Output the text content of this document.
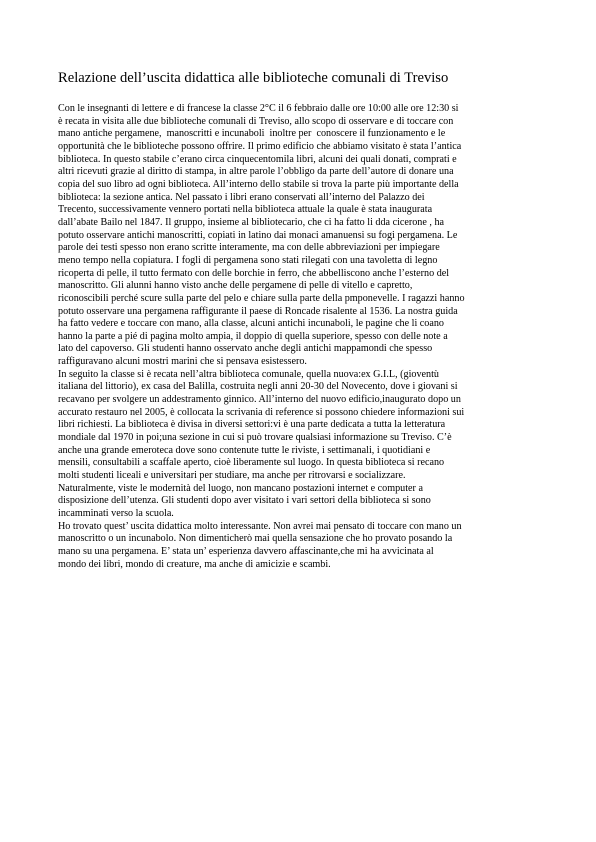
Relazione dell’uscita didattica alle biblioteche comunali di Treviso
Con le insegnanti di lettere e di francese la classe 2°C il 6 febbraio dalle ore 10:00 alle ore 12:30 si
è recata in visita alle due biblioteche comunali di Treviso, allo scopo di osservare e di toccare con
mano antiche pergamene,  manoscritti e incunaboli  inoltre per  conoscere il funzionamento e le
opportunità che le biblioteche possono offrire. Il primo edificio che abbiamo visitato è stata l’antica
biblioteca. In questo stabile c’erano circa cinquecentomila libri, alcuni dei quali donati, comprati e
altri ricevuti grazie al diritto di stampa, in altre parole l’obbligo da parte dell’autore di donare una
copia del suo libro ad ogni biblioteca. All’interno dello stabile si trova la parte più importante della
biblioteca: la sezione antica. Nel passato i libri erano conservati all’interno del Palazzo dei
Trecento, successivamente vennero portati nella biblioteca attuale la quale è stata inaugurata
dall’abate Bailo nel 1847. Il gruppo, insieme al bibliotecario, che ci ha fatto li dda cicerone , ha
potuto osservare antichi manoscritti, copiati in latino dai monaci amanuensi su fogi pergamena. Le
parole dei testi spesso non erano scritte interamente, ma con delle abbreviazioni per impiegare
meno tempo nella copiatura. I fogli di pergamena sono stati rilegati con una tavoletta di legno
ricoperta di pelle, il tutto fermato con delle borchie in ferro, che abbelliscono anche l’esterno del
manoscritto. Gli alunni hanno visto anche delle pergamene di pelle di vitello e capretto,
riconoscibili perché scure sulla parte del pelo e chiare sulla parte della pmponevelle. I ragazzi hanno
potuto osservare una pergamena raffigurante il paese di Roncade risalente al 1536. La nostra guida
ha fatto vedere e toccare con mano, alla classe, alcuni antichi incunaboli, le pagine che li coano
hanno la parte a pié di pagina molto ampia, il doppio di quella superiore, spesso con delle note a
lato del capoverso. Gli studenti hanno osservato anche degli antichi mappamondi che spesso
raffiguravano alcuni mostri marini che si pensava esistessero.
In seguito la classe si è recata nell’altra biblioteca comunale, quella nuova:ex G.I.L, (gioventù
italiana del littorio), ex casa del Balilla, costruita negli anni 20-30 del Novecento, dove i giovani si
recavano per svolgere un addestramento ginnico. All’interno del nuovo edificio,inaugurato dopo un
accurato restauro nel 2005, è collocata la scrivania di reference si possono chiedere informazioni sui
libri richiesti. La biblioteca è divisa in diversi settori:vi è una parte dedicata a tutta la letteratura
mondiale dal 1970 in poi;una sezione in cui si può trovare qualsiasi informazione su Treviso. C’è
anche una grande emeroteca dove sono contenute tutte le riviste, i settimanali, i quotidiani e
mensili, consultabili a scaffale aperto, cioè liberamente sul luogo. In questa biblioteca si recano
molti studenti liceali e universitari per studiare, ma anche per ritrovarsi e socializzare.
Naturalmente, viste le modernità del luogo, non mancano postazioni internet e computer a
disposizione dell’utenza. Gli studenti dopo aver visitato i vari settori della biblioteca si sono
incamminati verso la scuola.
Ho trovato quest’ uscita didattica molto interessante. Non avrei mai pensato di toccare con mano un
manoscritto o un incunabolo. Non dimenticherò mai quella sensazione che ho provato posando la
mano su una pergamena. E’ stata un’ esperienza davvero affascinante,che mi ha avvicinata al
mondo dei libri, mondo di creature, ma anche di amicizie e scambi.
